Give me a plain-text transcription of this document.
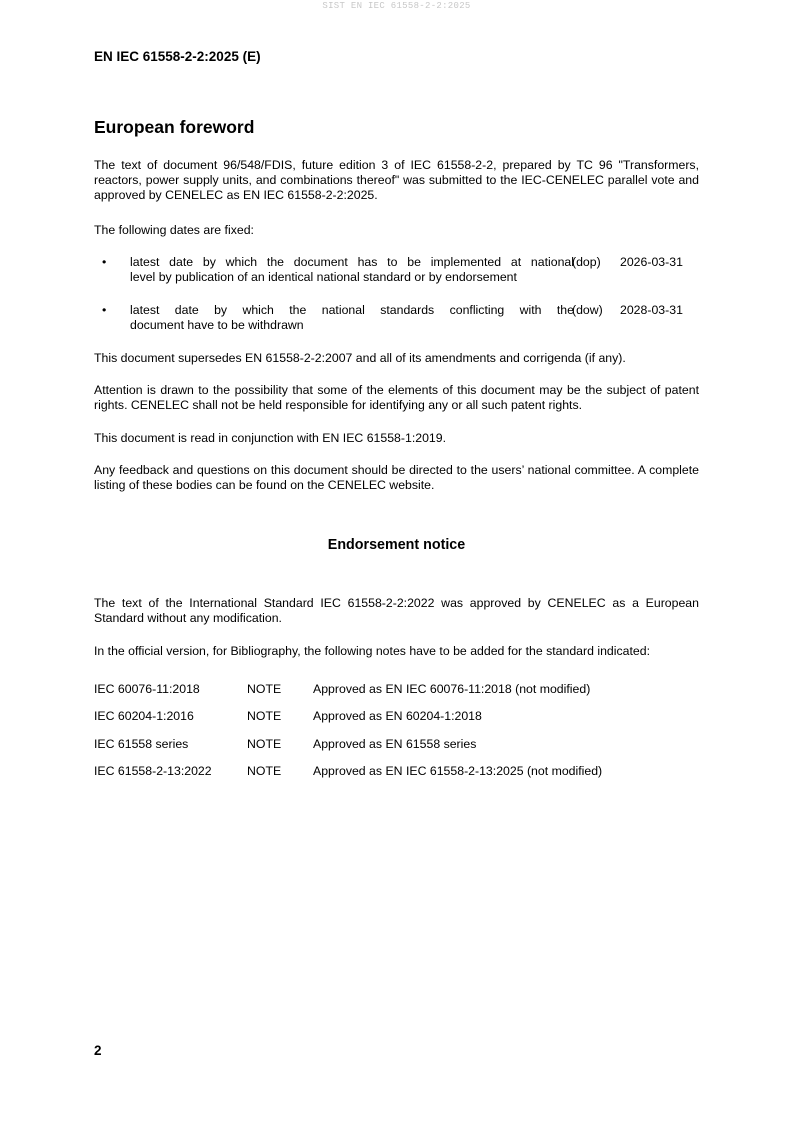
SIST EN IEC 61558-2-2:2025
EN IEC 61558-2-2:2025 (E)
European foreword

The text of document 96/548/FDIS, future edition 3 of IEC 61558-2-2, prepared by TC 96 "Transformers, reactors, power supply units, and combinations thereof" was submitted to the IEC-CENELEC parallel vote and approved by CENELEC as EN IEC 61558-2-2:2025.

The following dates are fixed:

• latest date by which the document has to be implemented at national
level by publication of an identical national standard or by endorsement
(dop) 2026-03-31
• latest date by which the national standards conflicting with the
document have to be withdrawn
(dow) 2028-03-31

This document supersedes EN 61558-2-2:2007 and all of its amendments and corrigenda (if any).

Attention is drawn to the possibility that some of the elements of this document may be the subject of patent rights. CENELEC shall not be held responsible for identifying any or all such patent rights.

This document is read in conjunction with EN IEC 61558-1:2019.

Any feedback and questions on this document should be directed to the users’ national committee. A complete listing of these bodies can be found on the CENELEC website.

Endorsement notice

The text of the International Standard IEC 61558-2-2:2022 was approved by CENELEC as a European Standard without any modification.

In the official version, for Bibliography, the following notes have to be added for the standard indicated:

IEC 60076-11:2018	NOTE	Approved as EN IEC 60076-11:2018 (not modified)
IEC 60204-1:2016	NOTE	Approved as EN 60204-1:2018
IEC 61558 series	NOTE	Approved as EN 61558 series
IEC 61558-2-13:2022	NOTE	Approved as EN IEC 61558-2-13:2025 (not modified)
2
